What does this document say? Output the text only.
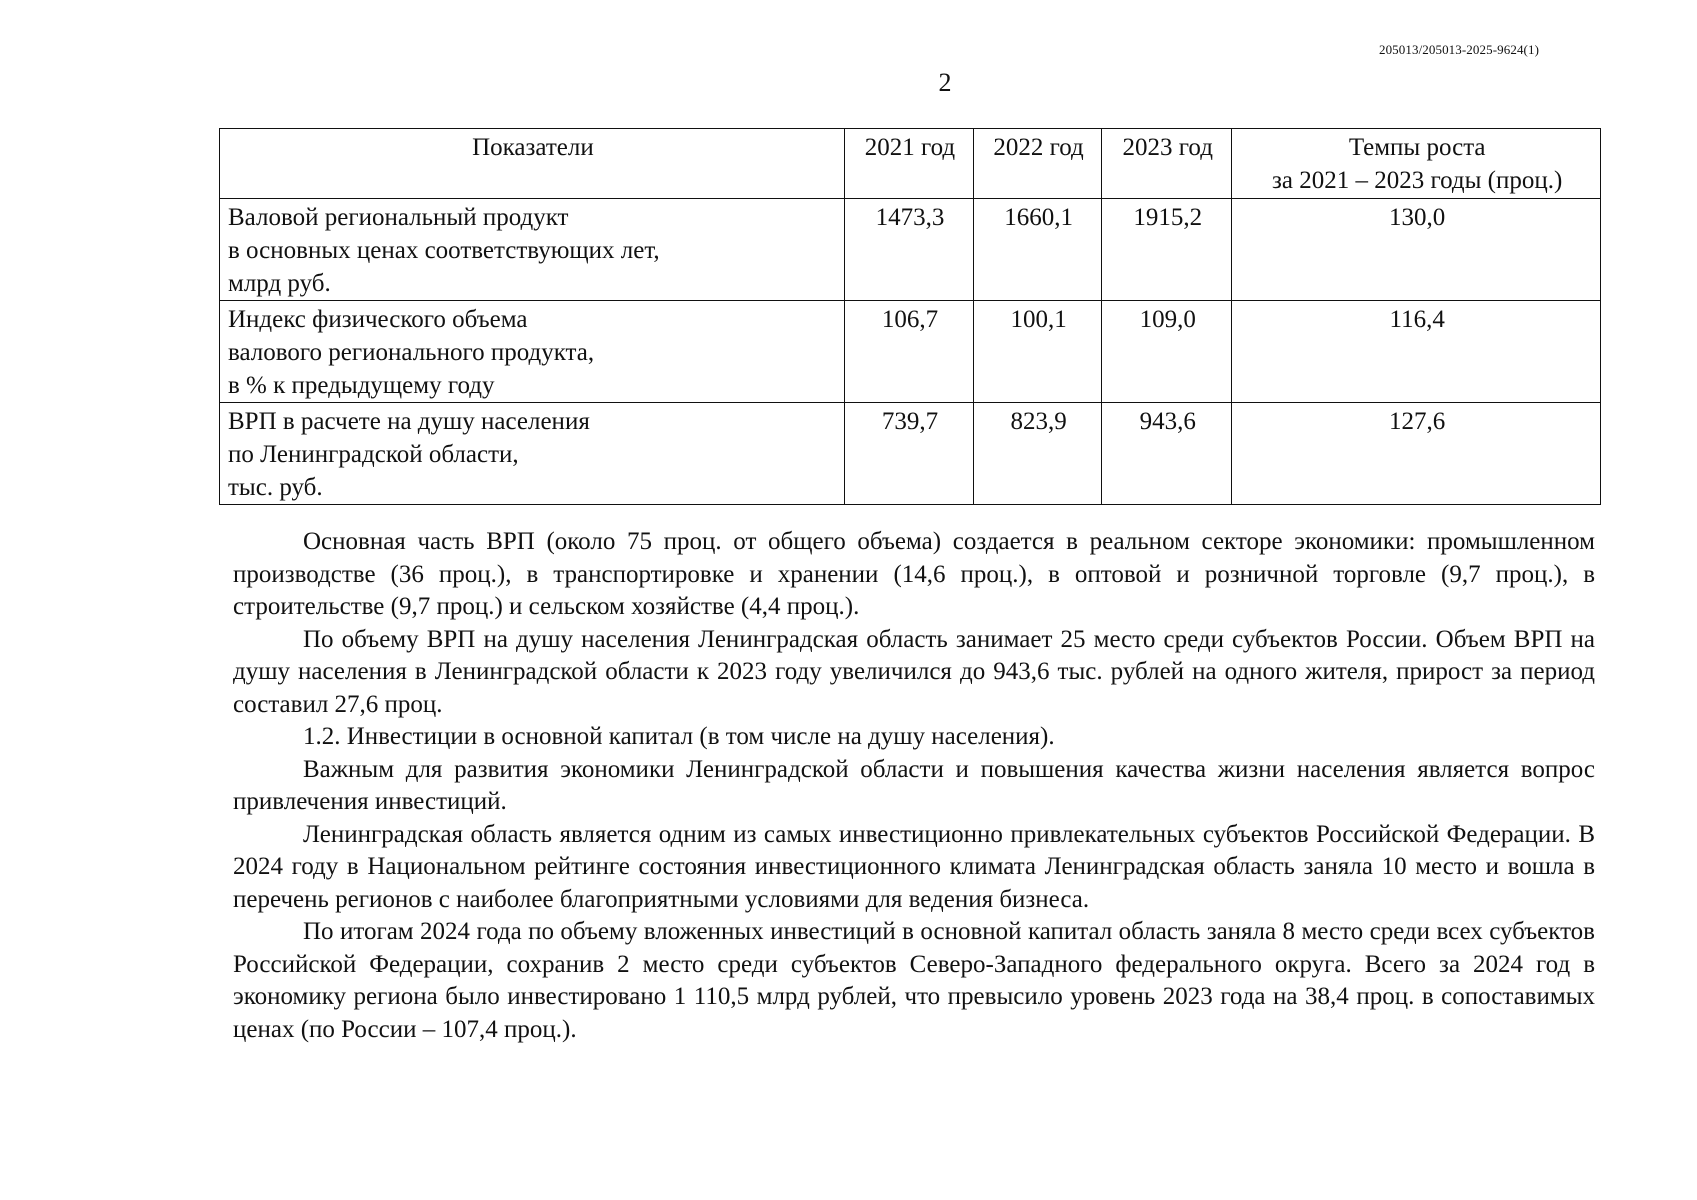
205013/205013-2025-9624(1)
2
Показатели	2021 год	2022 год	2023 год	Темпы роста
за 2021 – 2023 годы (проц.)

Валовой региональный продукт
в основных ценах соответствующих лет,
млрд руб.	1473,3	1660,1	1915,2	130,0

Индекс физического объема
валового регионального продукта,
в % к предыдущему году	106,7	100,1	109,0	116,4

ВРП в расчете на душу населения
по Ленинградской области,
тыс. руб.	739,7	823,9	943,6	127,6

Основная часть ВРП (около 75 проц. от общего объема) создается в реальном секторе экономики: промышленном производстве (36 проц.), в транспортировке и хранении (14,6 проц.), в оптовой и розничной торговле (9,7 проц.), в строительстве (9,7 проц.) и сельском хозяйстве (4,4 проц.).

По объему ВРП на душу населения Ленинградская область занимает 25 место среди субъектов России. Объем ВРП на душу населения в Ленинградской области к 2023 году увеличился до 943,6 тыс. рублей на одного жителя, прирост за период составил 27,6 проц.

1.2. Инвестиции в основной капитал (в том числе на душу населения).

Важным для развития экономики Ленинградской области и повышения качества жизни населения является вопрос привлечения инвестиций.

Ленинградская область является одним из самых инвестиционно привлекательных субъектов Российской Федерации. В 2024 году в Национальном рейтинге состояния инвестиционного климата Ленинградская область заняла 10 место и вошла в перечень регионов с наиболее благоприятными условиями для ведения бизнеса.

По итогам 2024 года по объему вложенных инвестиций в основной капитал область заняла 8 место среди всех субъектов Российской Федерации, сохранив 2 место среди субъектов Северо-Западного федерального округа. Всего за 2024 год в экономику региона было инвестировано 1 110,5 млрд рублей, что превысило уровень 2023 года на 38,4 проц. в сопоставимых ценах (по России – 107,4 проц.).
